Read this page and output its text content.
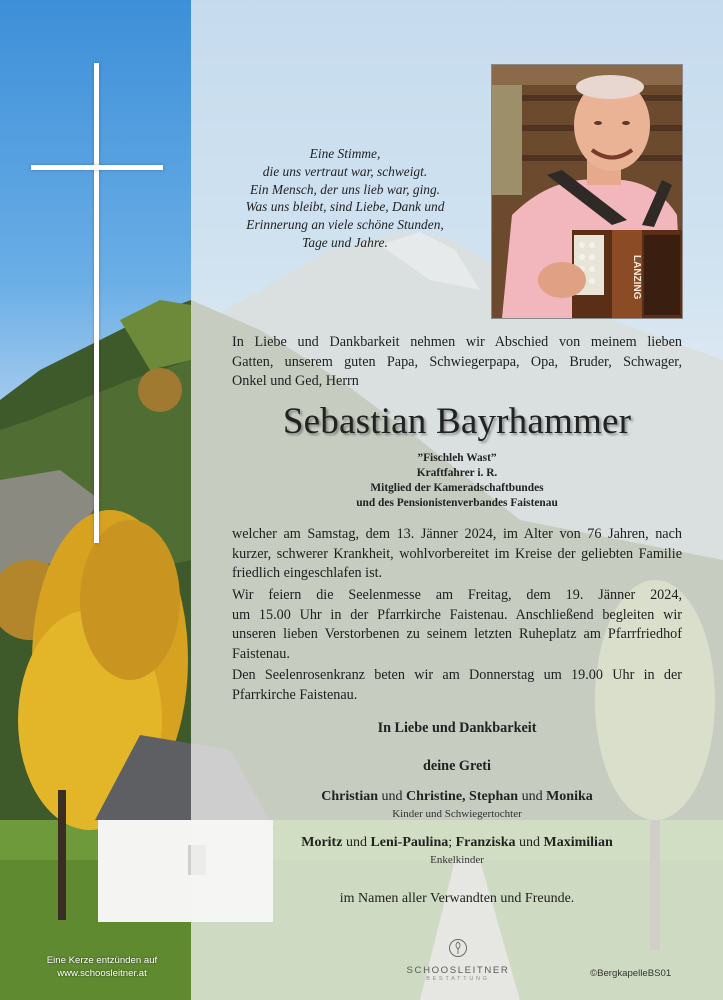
Eine Stimme,
die uns vertraut war, schweigt.
Ein Mensch, der uns lieb war, ging.
Was uns bleibt, sind Liebe, Dank und
Erinnerung an viele schöne Stunden,
Tage und Jahre.
LANZING
In Liebe und Dankbarkeit nehmen wir Abschied von meinem lieben
Gatten, unserem guten Papa, Schwiegerpapa, Opa, Bruder, Schwager,
Onkel und Ged, Herrn
Sebastian Bayrhammer
”Fischleh Wast”
Kraftfahrer i. R.
Mitglied der Kameradschaftbundes
und des Pensionistenverbandes Faistenau
welcher am Samstag, dem 13. Jänner 2024, im Alter von 76 Jahren, nach
kurzer, schwerer Krankheit, wohlvorbereitet im Kreise der geliebten Familie
friedlich eingeschlafen ist.
Wir feiern die Seelenmesse am Freitag, dem 19. Jänner 2024,
um 15.00 Uhr in der Pfarrkirche Faistenau. Anschließend begleiten wir
unseren lieben Verstorbenen zu seinem letzten Ruheplatz am Pfarrfriedhof
Faistenau.
Den Seelenrosenkranz beten wir am Donnerstag um 19.00 Uhr in der
Pfarrkirche Faistenau.
In Liebe und Dankbarkeit
deine Greti
Christian und Christine, Stephan und Monika
Kinder und Schwiegertochter
Moritz und Leni-Paulina; Franziska und Maximilian
Enkelkinder
im Namen aller Verwandten und Freunde.
Eine Kerze entzünden auf
www.schoosleitner.at	SCHOOSLEITNER
BESTATTUNG	©BergkapelleBS01
